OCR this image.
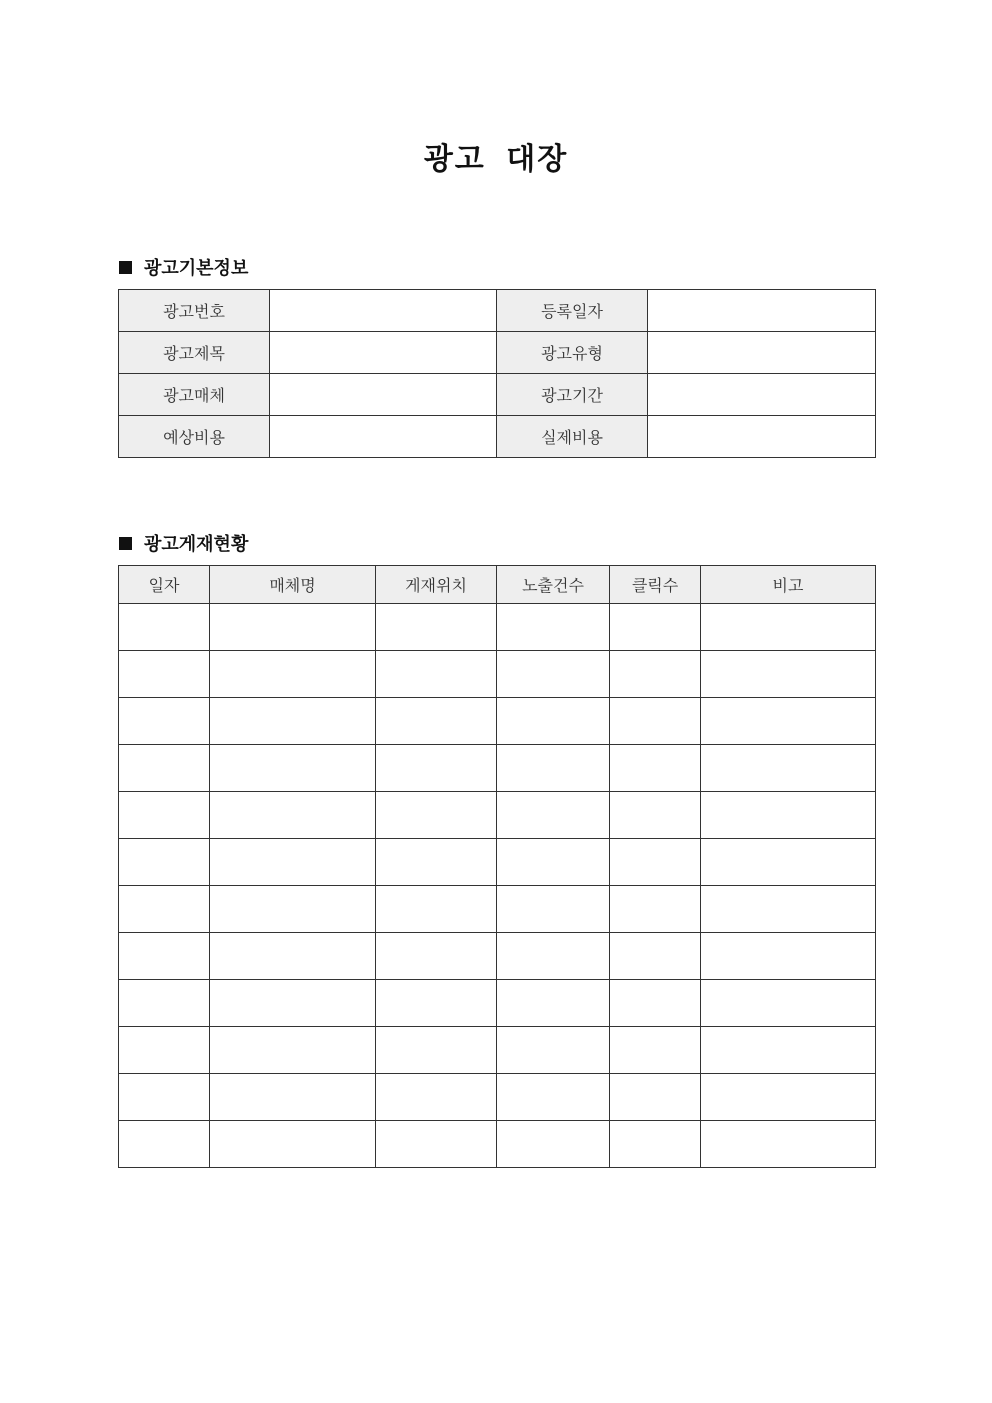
광고 대장
광고기본정보
광고번호		등록일자	
광고제목		광고유형	
광고매체		광고기간	
예상비용		실제비용	
광고게재현황
일자	매체명	게재위치	노출건수	클릭수	비고
